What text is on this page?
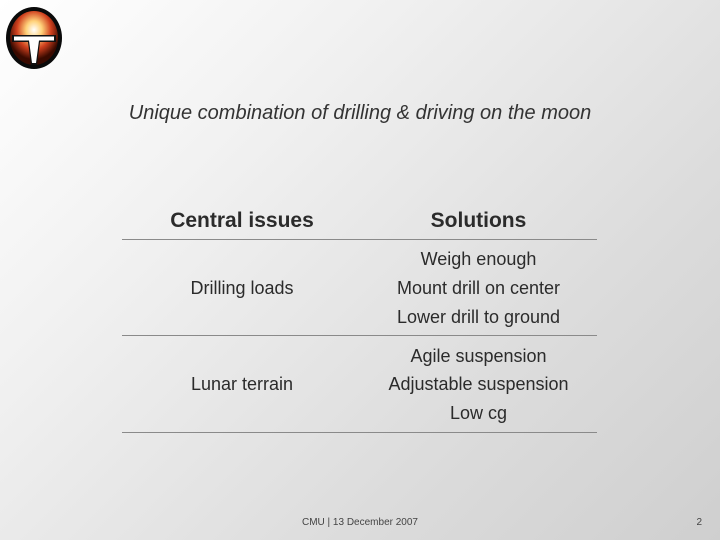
Unique combination of drilling & driving on the moon
Central issues	Solutions
Drilling loads
Weigh enough
Mount drill on center
Lower drill to ground
Lunar terrain
Agile suspension
Adjustable suspension
Low cg
CMU | 13 December 2007	2
